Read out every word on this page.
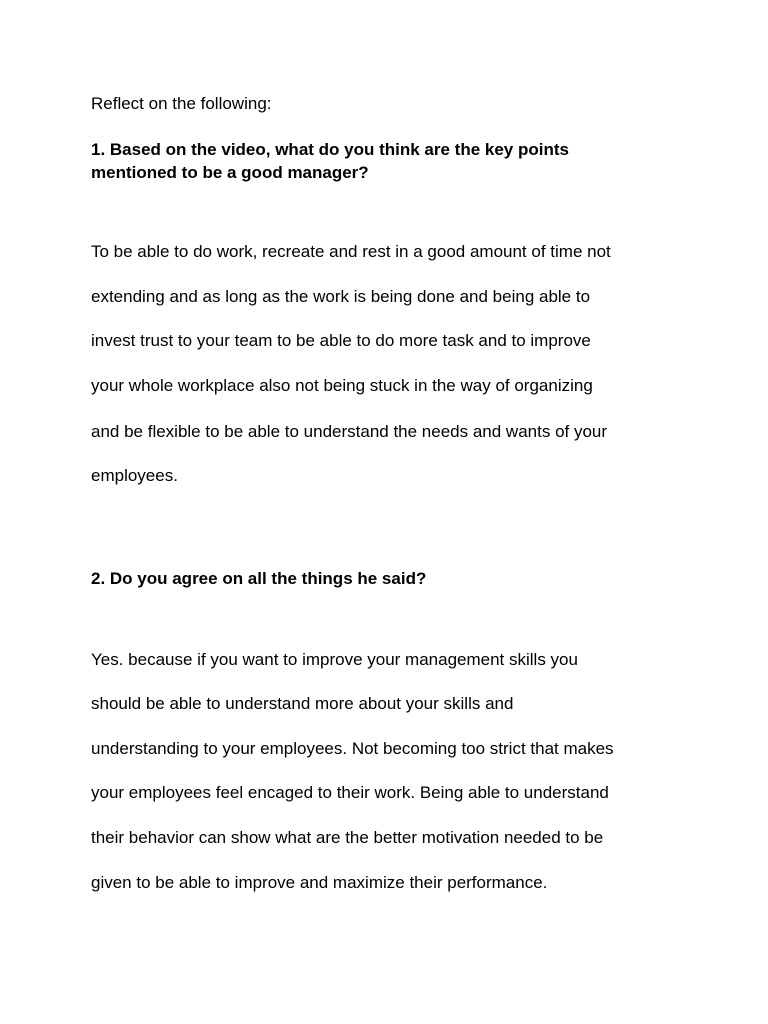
Reflect on the following:

1. Based on the video, what do you think are the key points
mentioned to be a good manager?

To be able to do work, recreate and rest in a good amount of time not
extending and as long as the work is being done and being able to
invest trust to your team to be able to do more task and to improve
your whole workplace also not being stuck in the way of organizing
and be flexible to be able to understand the needs and wants of your
employees.

2. Do you agree on all the things he said?

Yes. because if you want to improve your management skills you
should be able to understand more about your skills and
understanding to your employees. Not becoming too strict that makes
your employees feel encaged to their work. Being able to understand
their behavior can show what are the better motivation needed to be
given to be able to improve and maximize their performance.
